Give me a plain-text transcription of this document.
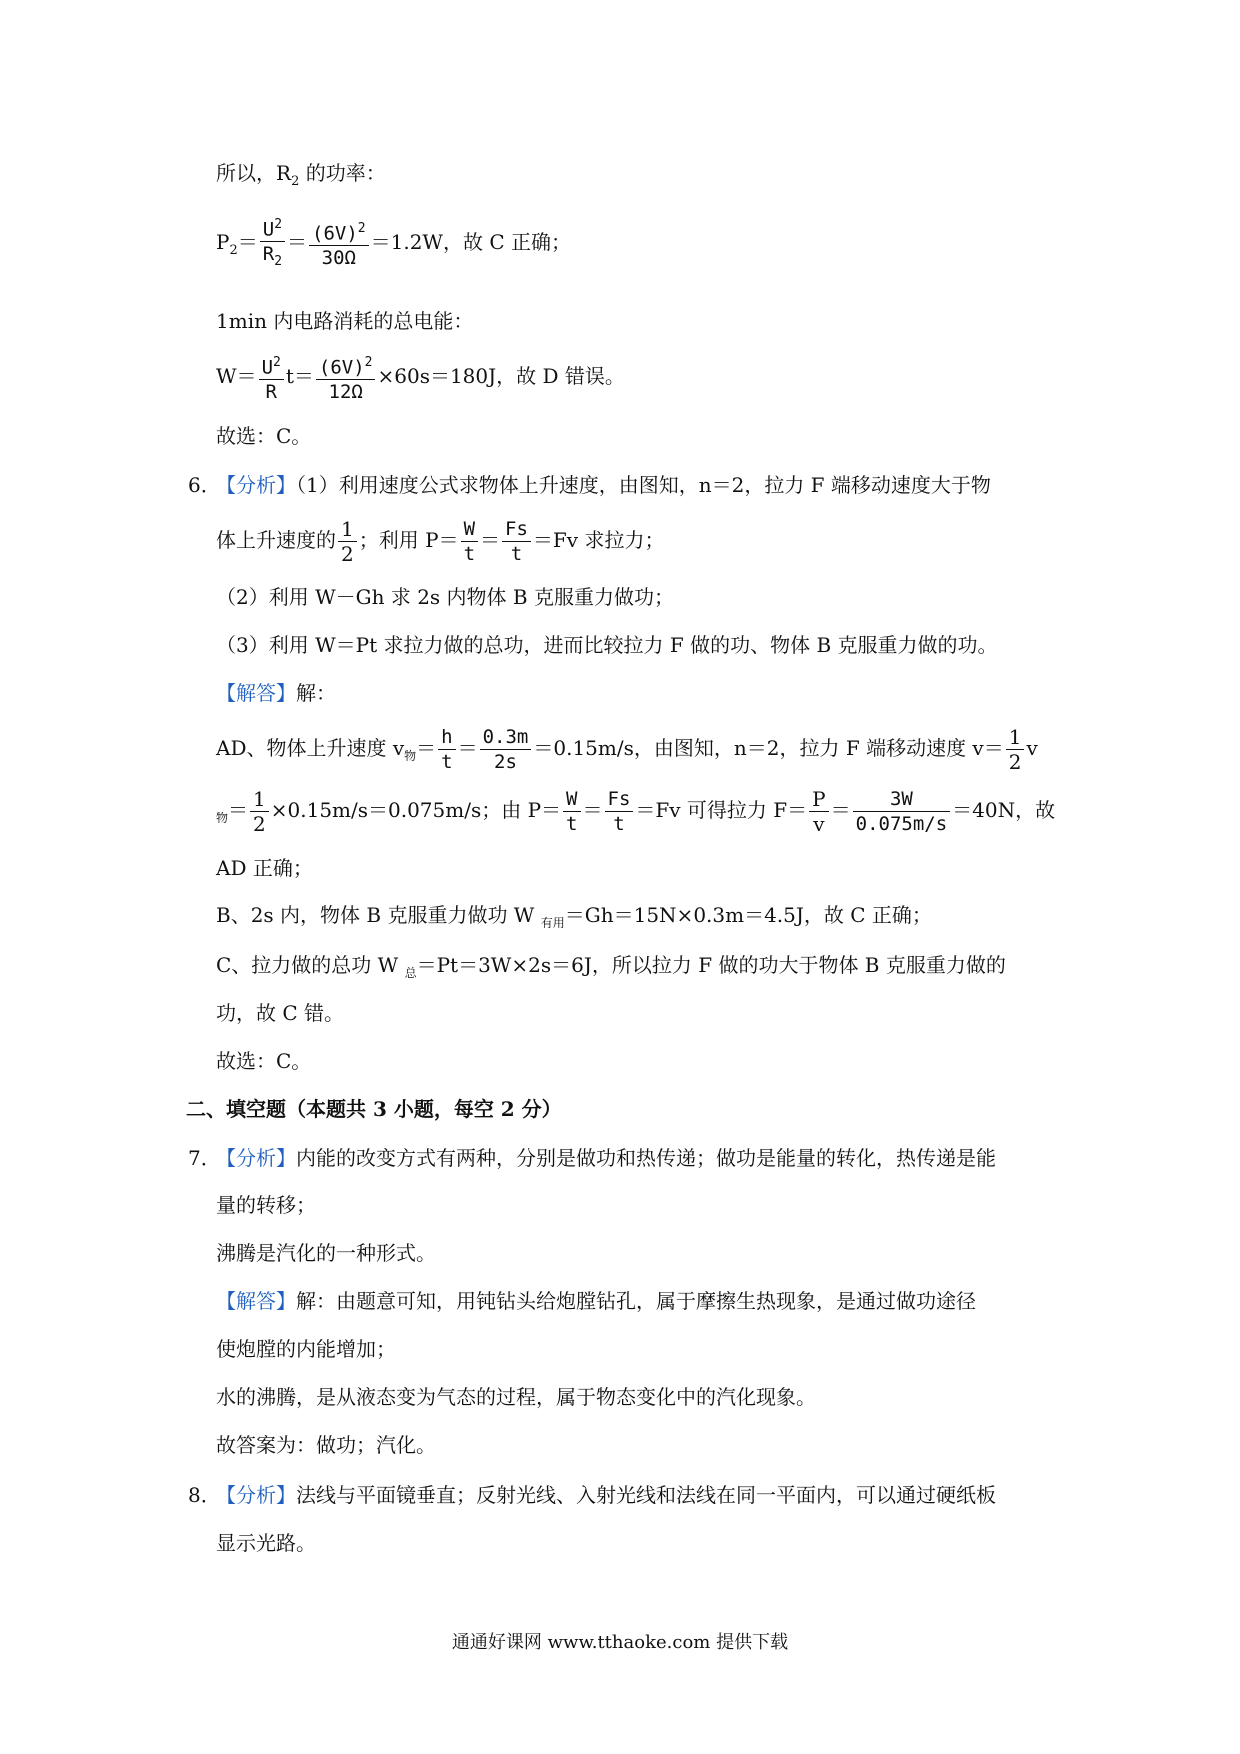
所以，$R_2$ 的功率：
$P_2= \frac{U^2}{R_2} = \frac{(6V)^2}{30\Omega} =1.2W$，故 C 正确；
1min 内电路消耗的总电能：
$W= \frac{U^2}{R} t= \frac{(6V)^2}{12\Omega} \times 60s=180J$，故 D 错误。
故选：C。
6．
【分析】（1）利用速度公式求物体上升速度，由图知，n＝2，拉力 F 端移动速度大于物
体上升速度的 $\frac{1}{2}$ ；利用 $P= \frac{W}{t} = \frac{Fs}{t} =Fv$ 求拉力；
（2）利用 W－Gh 求 2s 内物体 B 克服重力做功；
（3）利用 W＝Pt 求拉力做的总功，进而比较拉力 F 做的功、物体 B 克服重力做的功。
【解答】解：
AD、物体上升速度 $v_物= \frac{h}{t} = \frac{0.3m}{2s} =0.15m/s$，由图知，n＝2，拉力 F 端移动速度 $v= \frac{1}{2}$ v
$_物= \frac{1}{2} \times 0.15m/s=0.075m/s$；由 $P= \frac{W}{t} = \frac{Fs}{t} =Fv$ 可得拉力 $F= \frac{P}{v} = \frac{3W}{0.075m/s} =40N$，故
AD 正确；
B、2s 内，物体 B 克服重力做功 W $_{有用}$＝Gh＝15N×0.3m＝4.5J，故 C 正确；
C、拉力做的总功 W $_总$＝Pt＝3W×2s＝6J，所以拉力 F 做的功大于物体 B 克服重力做的
功，故 C 错。
故选：C。
二、填空题（本题共 3 小题，每空 2 分）
7．
【分析】内能的改变方式有两种，分别是做功和热传递；做功是能量的转化，热传递是能
量的转移；
沸腾是汽化的一种形式。
【解答】解：由题意可知，用钝钻头给炮膛钻孔，属于摩擦生热现象，是通过做功途径
使炮膛的内能增加；
水的沸腾，是从液态变为气态的过程，属于物态变化中的汽化现象。
故答案为：做功；汽化。
8．
【分析】法线与平面镜垂直；反射光线、入射光线和法线在同一平面内，可以通过硬纸板
显示光路。
通通好课网 www.tthaoke.com 提供下载
